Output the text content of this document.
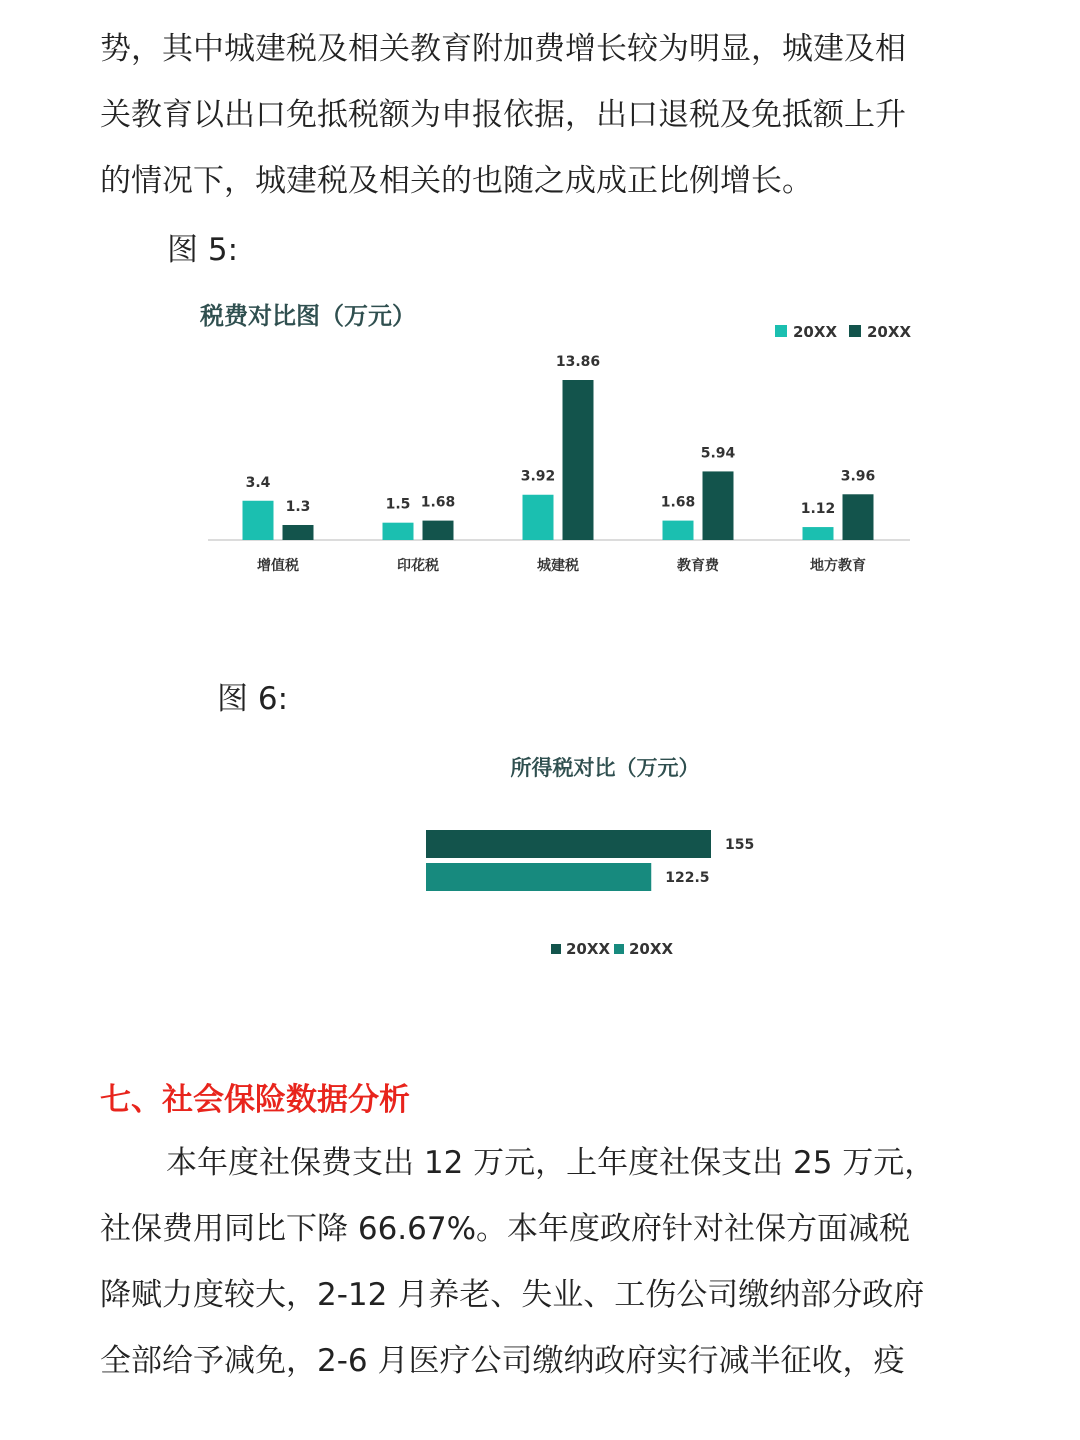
势，其中城建税及相关教育附加费增长较为明显，城建及相
关教育以出口免抵税额为申报依据，出口退税及免抵额上升
的情况下，城建税及相关的也随之成成正比例增长。

图 5:
税费对比图（万元）
20XX 20XX
3.4
1.3
增值税
1.5 1.68
印花税
3.92
13.86
城建税
1.68
5.94
教育费
1.12
3.96
地方教育
图 6:
所得税对比（万元）
155
122.5
20XX 20XX
七、社会保险数据分析

本年度社保费支出 12 万元，上年度社保支出 25 万元，
社保费用同比下降 66.67%。本年度政府针对社保方面减税
降赋力度较大，2-12 月养老、失业、工伤公司缴纳部分政府
全部给予减免，2-6 月医疗公司缴纳政府实行减半征收，疫
